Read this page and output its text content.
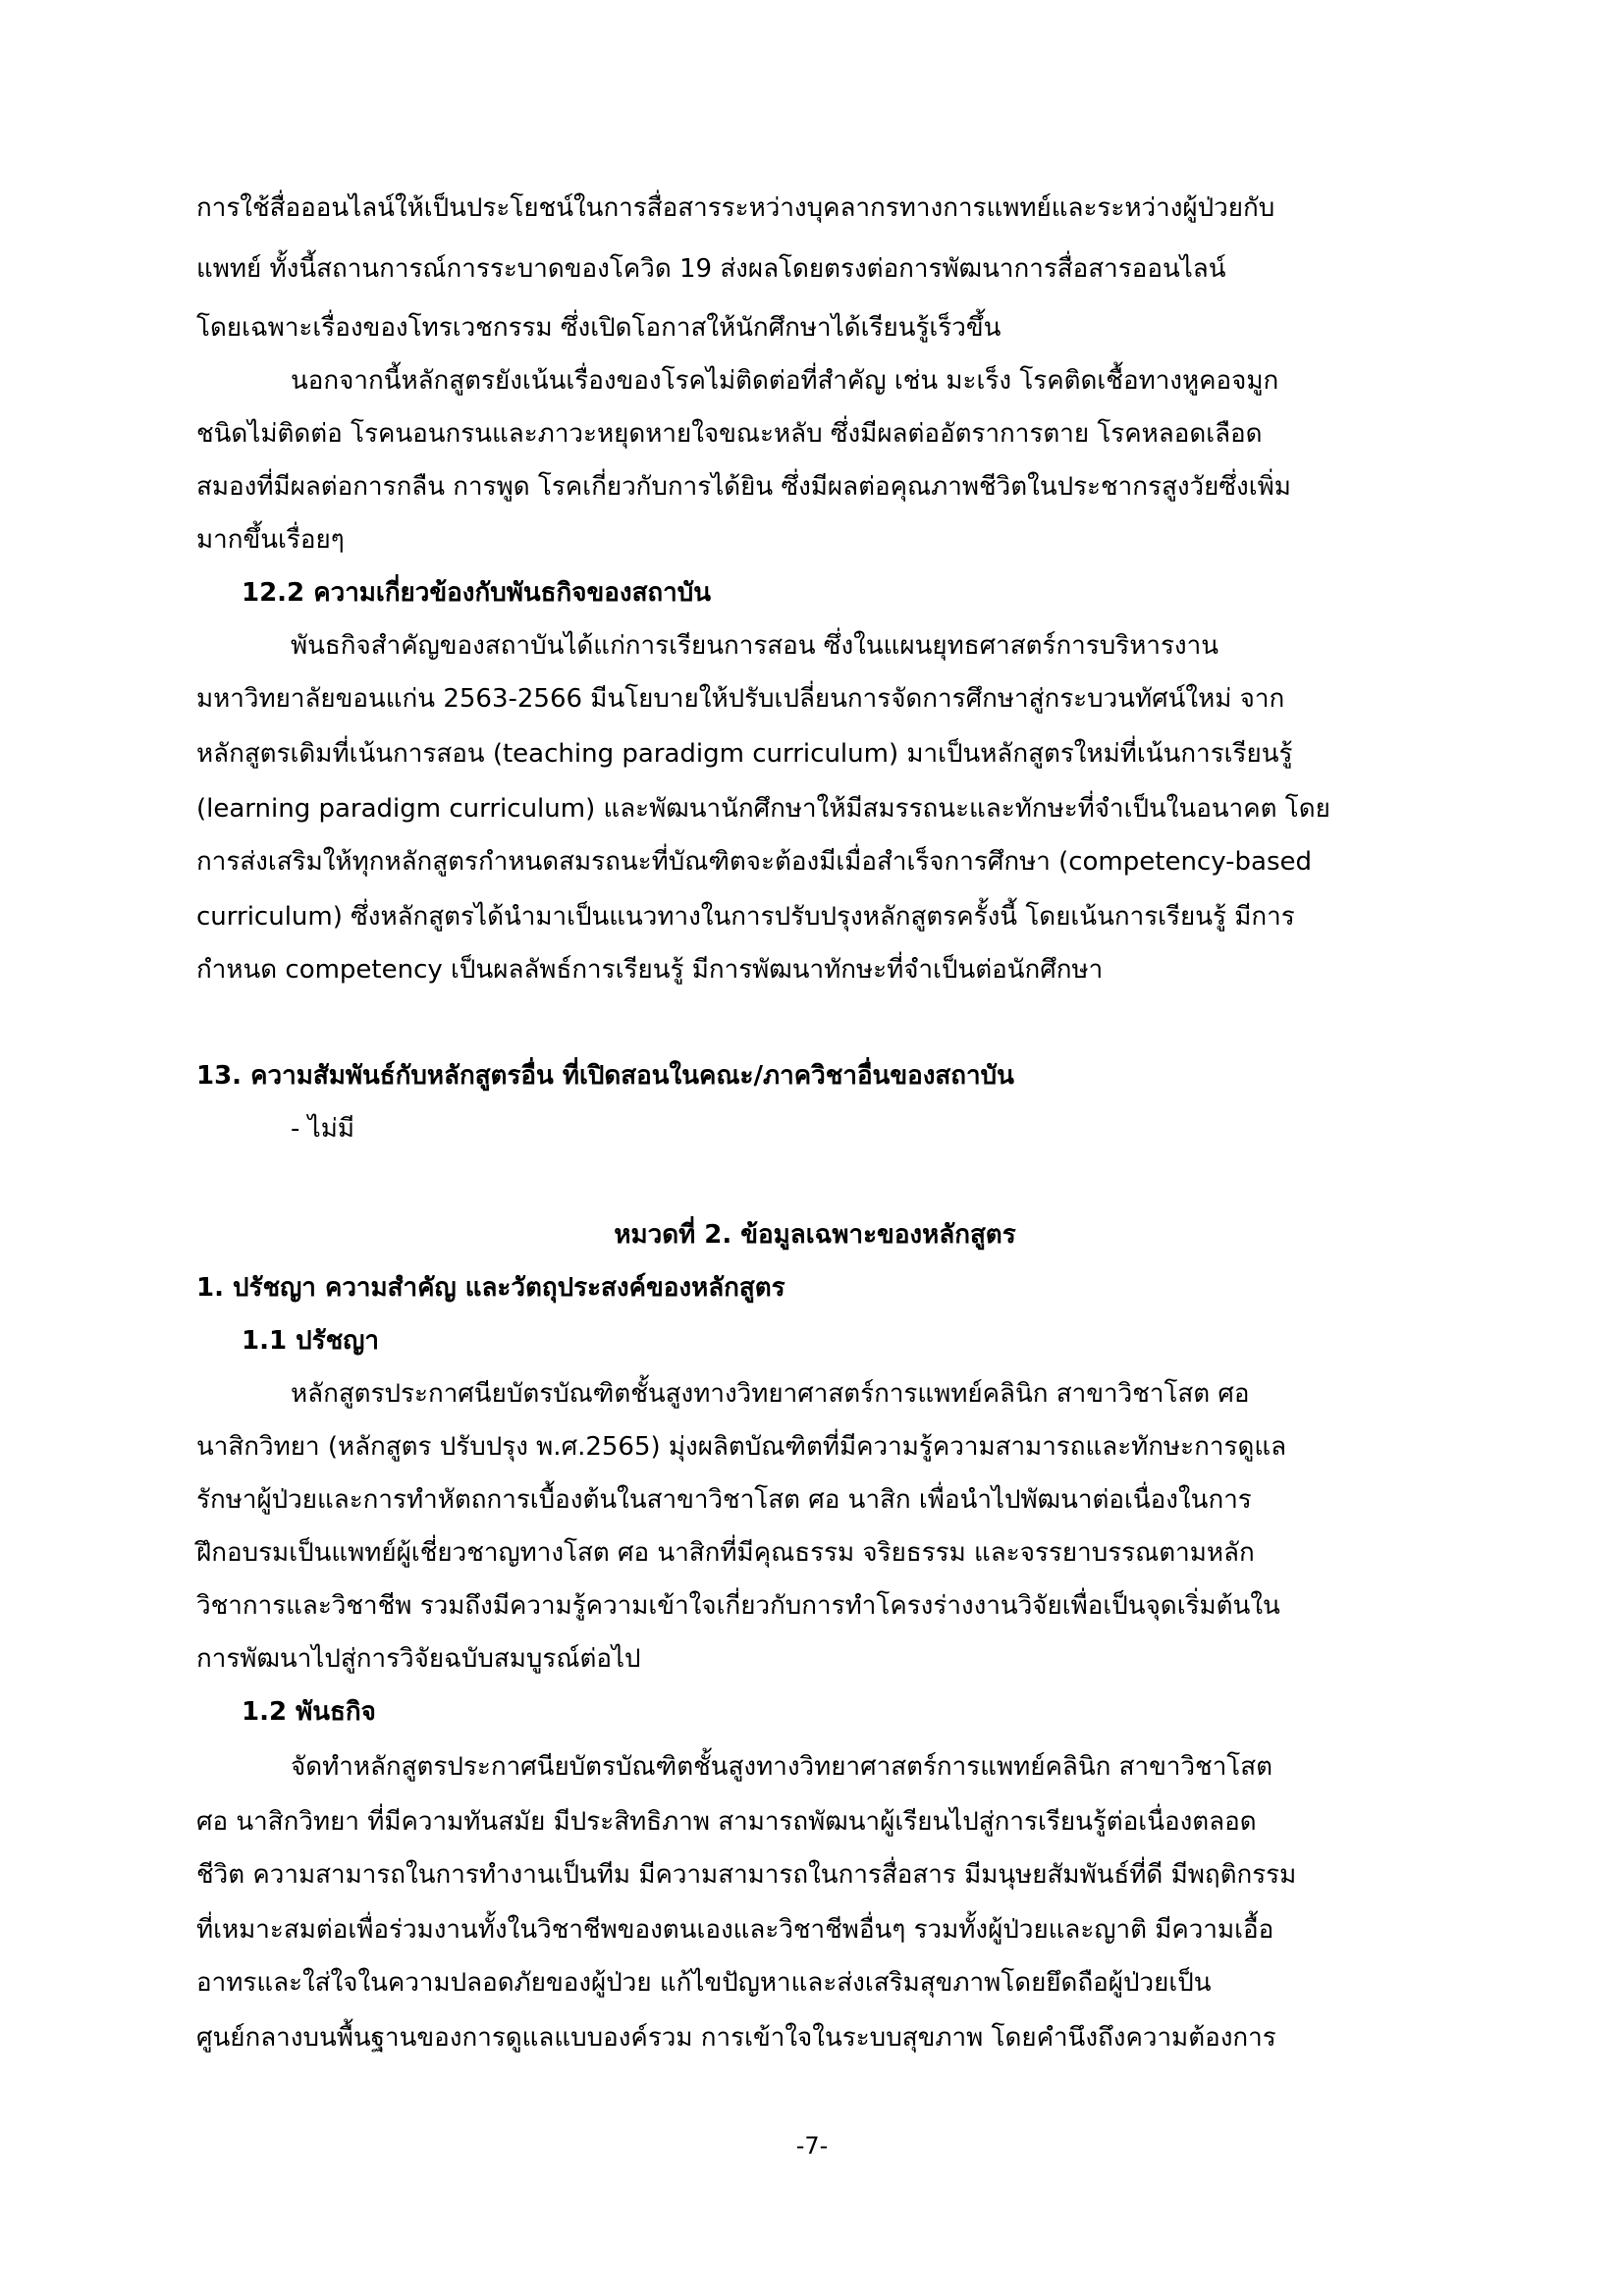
การใช้สื่อออนไลน์ให้เป็นประโยชน์ในการสื่อสารระหว่างบุคลากรทางการแพทย์และระหว่างผู้ป่วยกับ
แพทย์ ทั้งนี้สถานการณ์การระบาดของโควิด 19 ส่งผลโดยตรงต่อการพัฒนาการสื่อสารออนไลน์
โดยเฉพาะเรื่องของโทรเวชกรรม ซึ่งเปิดโอกาสให้นักศึกษาได้เรียนรู้เร็วขึ้น
นอกจากนี้หลักสูตรยังเน้นเรื่องของโรคไม่ติดต่อที่สำคัญ เช่น มะเร็ง โรคติดเชื้อทางหูคอจมูก
ชนิดไม่ติดต่อ โรคนอนกรนและภาวะหยุดหายใจขณะหลับ ซึ่งมีผลต่ออัตราการตาย โรคหลอดเลือด
สมองที่มีผลต่อการกลืน การพูด โรคเกี่ยวกับการได้ยิน ซึ่งมีผลต่อคุณภาพชีวิตในประชากรสูงวัยซึ่งเพิ่ม
มากขึ้นเรื่อยๆ
12.2 ความเกี่ยวข้องกับพันธกิจของสถาบัน
พันธกิจสำคัญของสถาบันได้แก่การเรียนการสอน ซึ่งในแผนยุทธศาสตร์การบริหารงาน
มหาวิทยาลัยขอนแก่น 2563-2566 มีนโยบายให้ปรับเปลี่ยนการจัดการศึกษาสู่กระบวนทัศน์ใหม่ จาก
หลักสูตรเดิมที่เน้นการสอน (teaching paradigm curriculum) มาเป็นหลักสูตรใหม่ที่เน้นการเรียนรู้
(learning paradigm curriculum) และพัฒนานักศึกษาให้มีสมรรถนะและทักษะที่จำเป็นในอนาคต โดย
การส่งเสริมให้ทุกหลักสูตรกำหนดสมรถนะที่บัณฑิตจะต้องมีเมื่อสำเร็จการศึกษา (competency-based
curriculum) ซึ่งหลักสูตรได้นำมาเป็นแนวทางในการปรับปรุงหลักสูตรครั้งนี้ โดยเน้นการเรียนรู้ มีการ
กำหนด competency เป็นผลลัพธ์การเรียนรู้ มีการพัฒนาทักษะที่จำเป็นต่อนักศึกษา
13. ความสัมพันธ์กับหลักสูตรอื่น ที่เปิดสอนในคณะ/ภาควิชาอื่นของสถาบัน
- ไม่มี
หมวดที่ 2. ข้อมูลเฉพาะของหลักสูตร
1. ปรัชญา ความสำคัญ และวัตถุประสงค์ของหลักสูตร
1.1 ปรัชญา
หลักสูตรประกาศนียบัตรบัณฑิตชั้นสูงทางวิทยาศาสตร์การแพทย์คลินิก สาขาวิชาโสต ศอ
นาสิกวิทยา (หลักสูตร ปรับปรุง พ.ศ.2565) มุ่งผลิตบัณฑิตที่มีความรู้ความสามารถและทักษะการดูแล
รักษาผู้ป่วยและการทำหัตถการเบื้องต้นในสาขาวิชาโสต ศอ นาสิก เพื่อนำไปพัฒนาต่อเนื่องในการ
ฝึกอบรมเป็นแพทย์ผู้เชี่ยวชาญทางโสต ศอ นาสิกที่มีคุณธรรม จริยธรรม และจรรยาบรรณตามหลัก
วิชาการและวิชาชีพ รวมถึงมีความรู้ความเข้าใจเกี่ยวกับการทำโครงร่างงานวิจัยเพื่อเป็นจุดเริ่มต้นใน
การพัฒนาไปสู่การวิจัยฉบับสมบูรณ์ต่อไป
1.2 พันธกิจ
จัดทำหลักสูตรประกาศนียบัตรบัณฑิตชั้นสูงทางวิทยาศาสตร์การแพทย์คลินิก สาขาวิชาโสต
ศอ นาสิกวิทยา ที่มีความทันสมัย มีประสิทธิภาพ สามารถพัฒนาผู้เรียนไปสู่การเรียนรู้ต่อเนื่องตลอด
ชีวิต ความสามารถในการทำงานเป็นทีม มีความสามารถในการสื่อสาร มีมนุษยสัมพันธ์ที่ดี มีพฤติกรรม
ที่เหมาะสมต่อเพื่อร่วมงานทั้งในวิชาชีพของตนเองและวิชาชีพอื่นๆ รวมทั้งผู้ป่วยและญาติ มีความเอื้อ
อาทรและใส่ใจในความปลอดภัยของผู้ป่วย แก้ไขปัญหาและส่งเสริมสุขภาพโดยยึดถือผู้ป่วยเป็น
ศูนย์กลางบนพื้นฐานของการดูแลแบบองค์รวม การเข้าใจในระบบสุขภาพ โดยคำนึงถึงความต้องการ
-7-
